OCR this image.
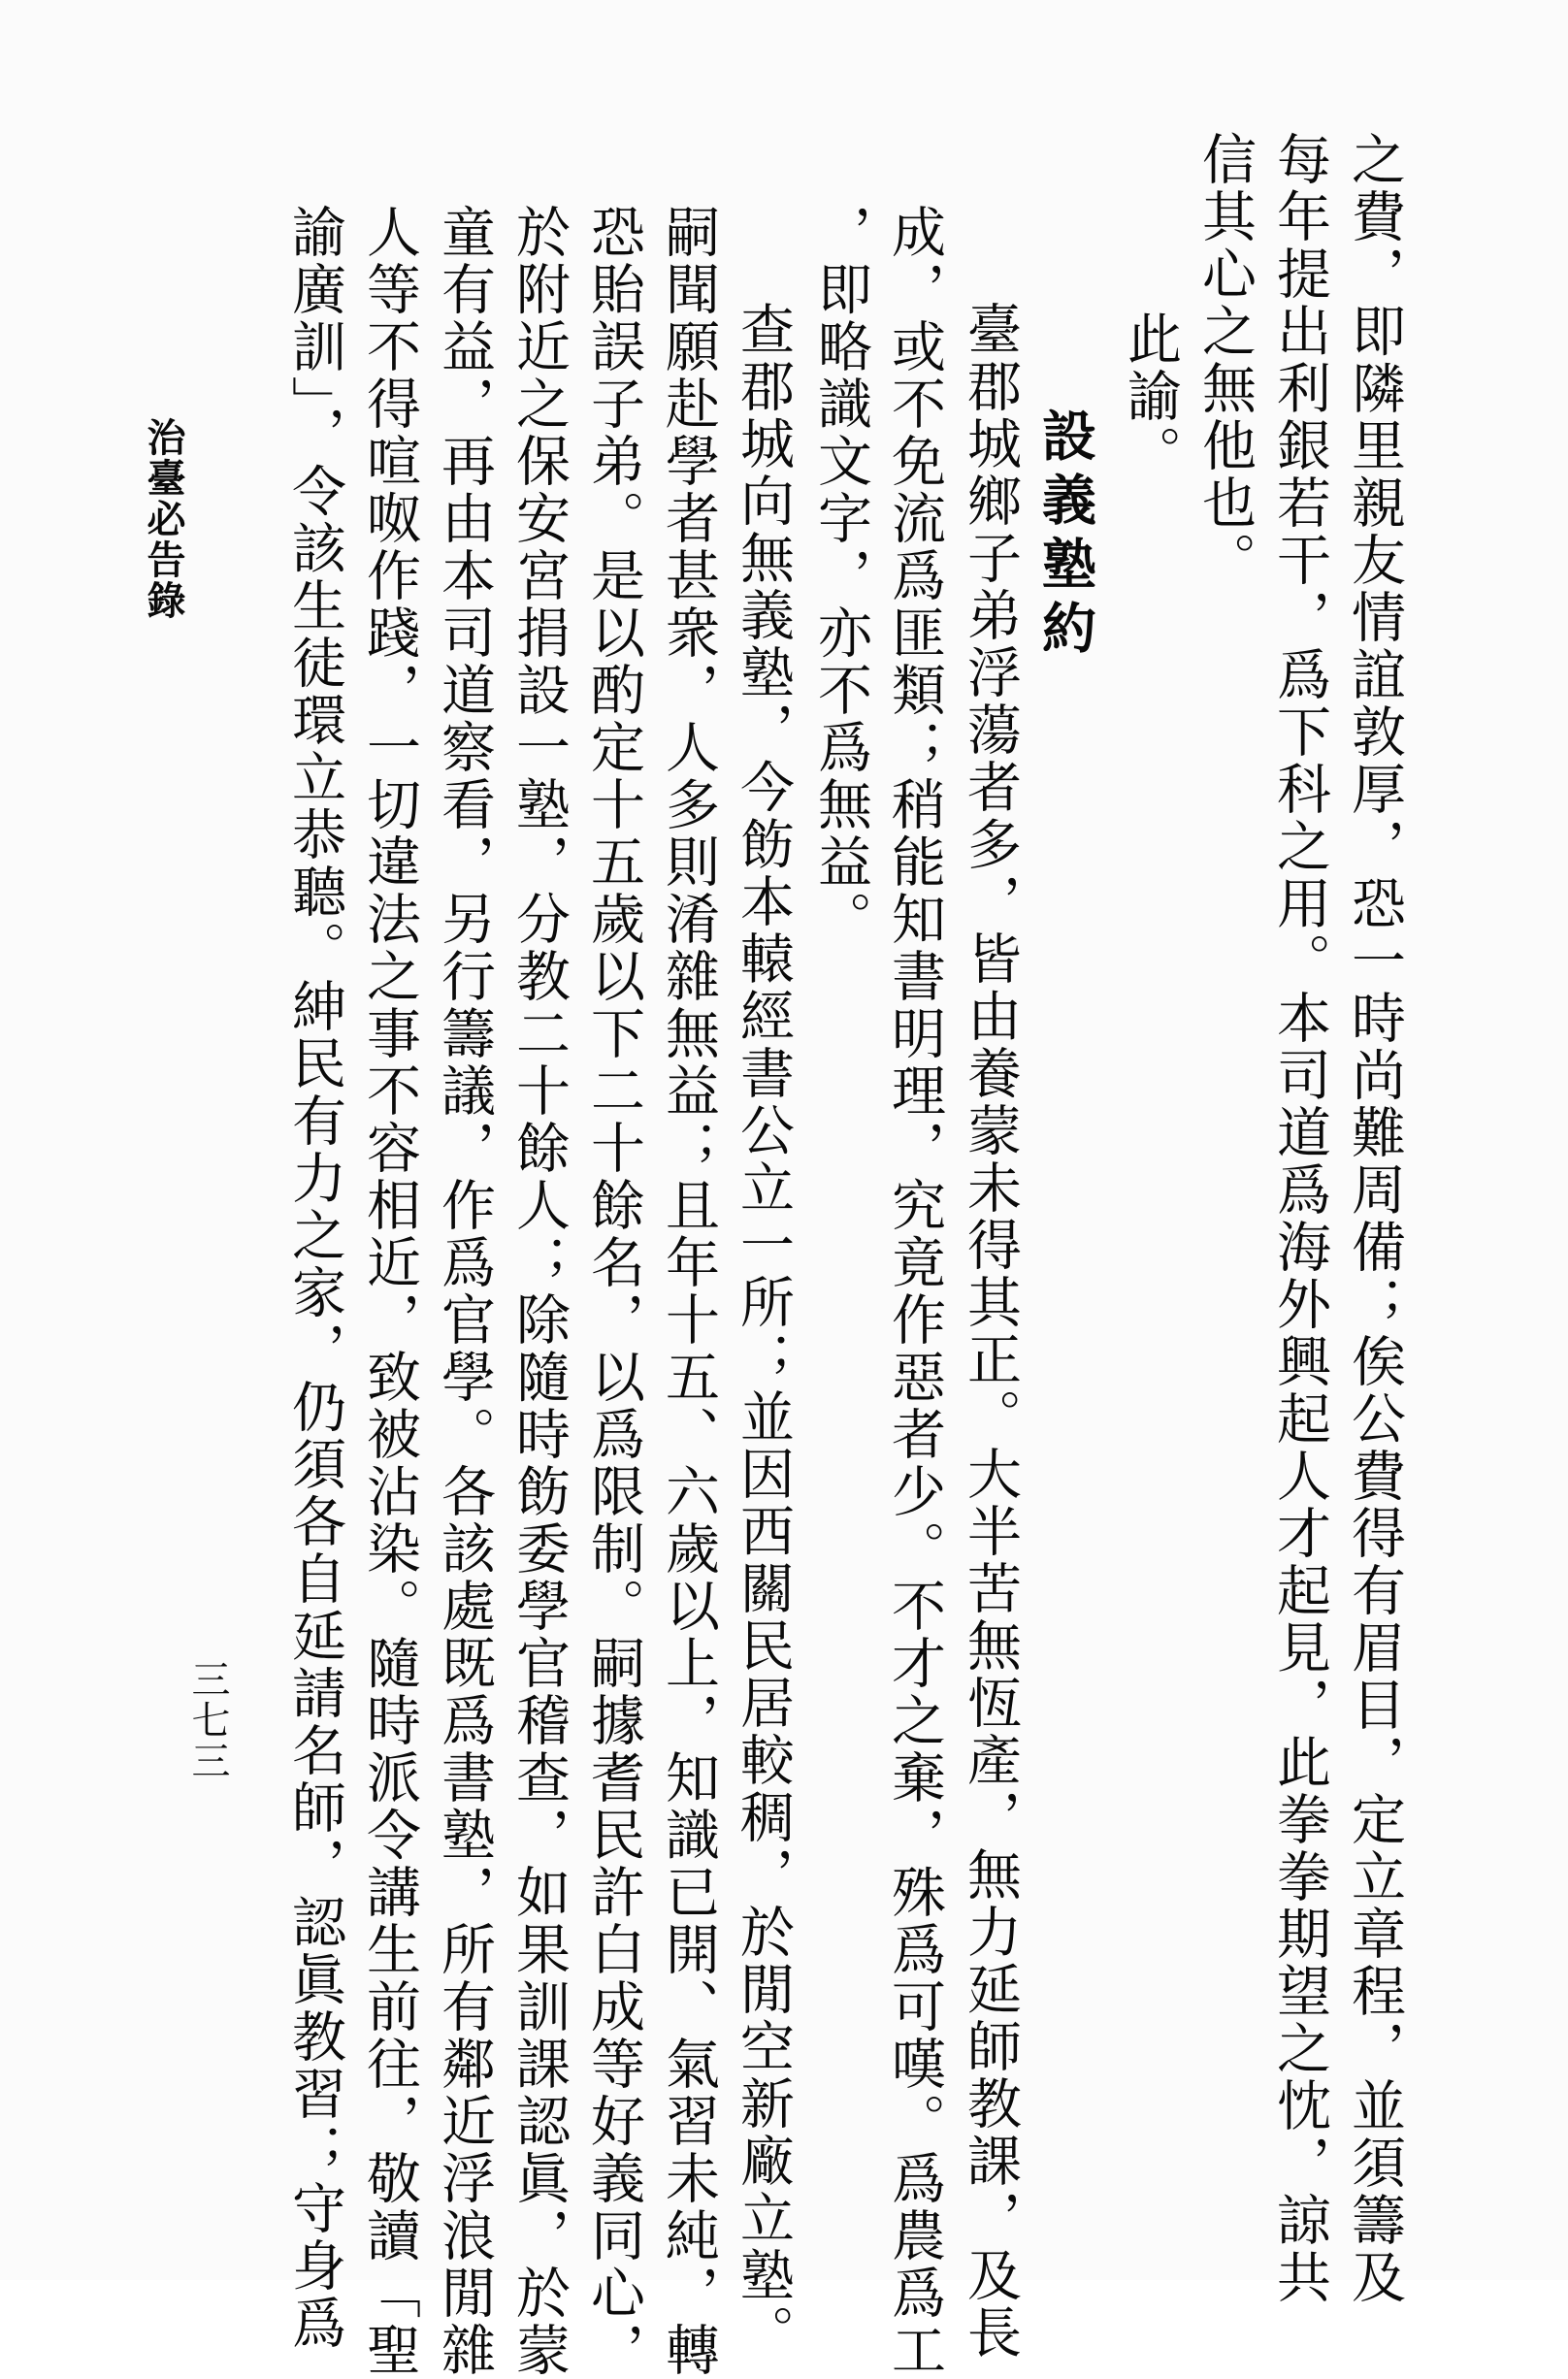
之費，即隣里親友情誼敦厚，恐一時尚難周備；俟公費得有眉目，定立章程，並須籌及
每年提出利銀若干，爲下科之用。本司道爲海外興起人才起見，此拳拳期望之忱，諒共
信其心之無他也。
此諭。
設義塾約
臺郡城鄉子弟浮蕩者多，皆由養蒙未得其正。大半苦無恆產，無力延師教課，及長
成，或不免流爲匪類；稍能知書明理，究竟作惡者少。不才之棄，殊爲可嘆。爲農爲工
，即略識文字，亦不爲無益。
查郡城向無義塾，今飭本轅經書公立一所；並因西關民居較稠，於閒空新廠立塾。
嗣聞願赴學者甚衆，人多則淆雜無益；且年十五、六歲以上，知識已開、氣習未純，轉
恐貽誤子弟。是以酌定十五歲以下二十餘名，以爲限制。嗣據耆民許白成等好義同心，
於附近之保安宮捐設一塾，分教二十餘人；除隨時飭委學官稽查，如果訓課認眞，於蒙
童有益，再由本司道察看，另行籌議，作爲官學。各該處既爲書塾，所有鄰近浮浪閒雜
人等不得喧呶作踐，一切違法之事不容相近，致被沾染。隨時派令講生前往，敬讀「聖
諭廣訓」，令該生徒環立恭聽。紳民有力之家，仍須各自延請名師，認眞教習；守身爲
治臺必告錄
三七三
